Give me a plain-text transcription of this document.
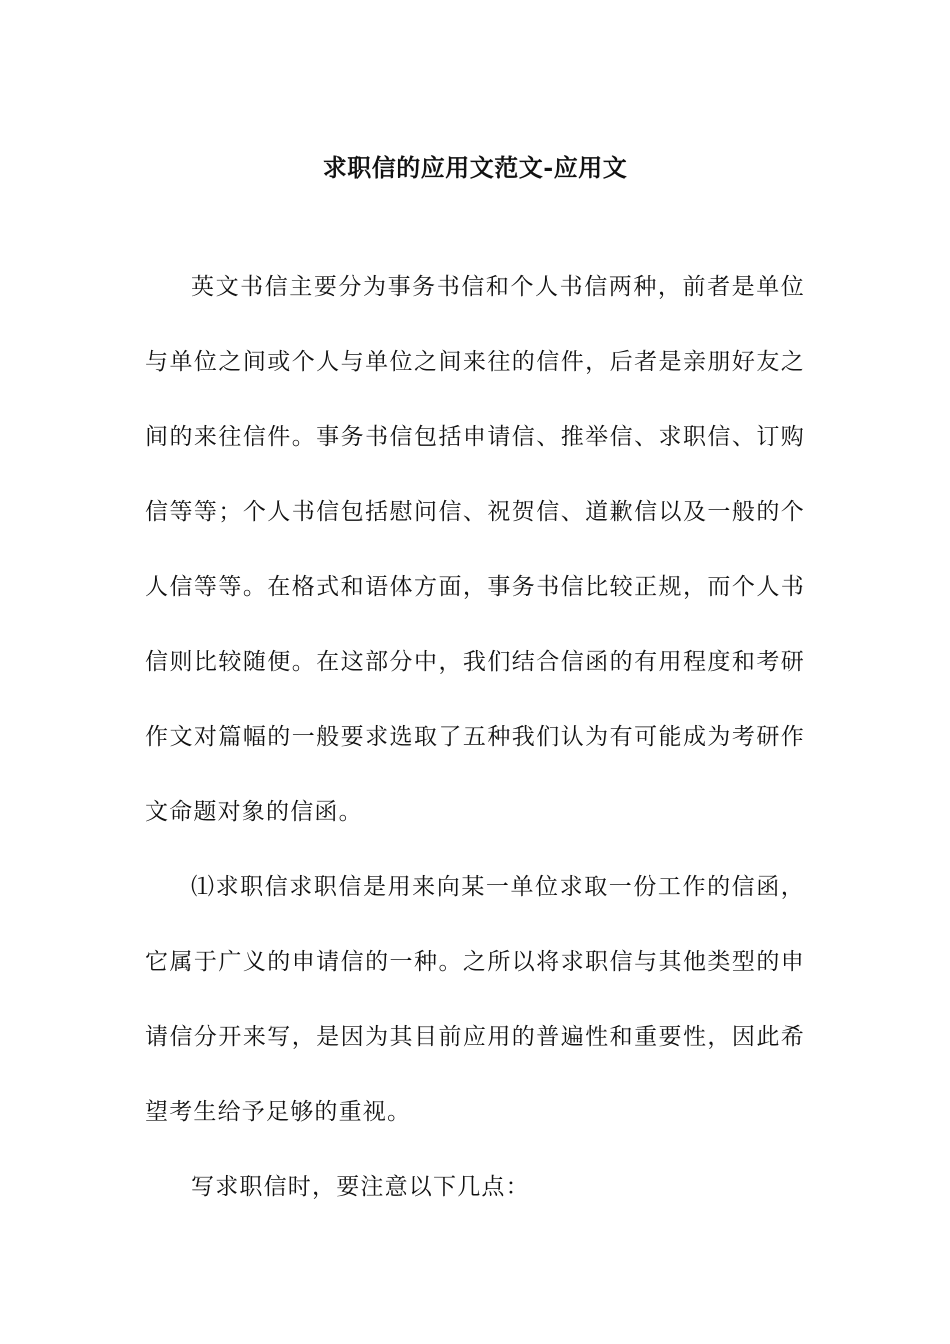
求职信的应用文范文-应用文

英文书信主要分为事务书信和个人书信两种，前者是单位与单位之间或个人与单位之间来往的信件，后者是亲朋好友之间的来往信件。事务书信包括申请信、推举信、求职信、订购信等等；个人书信包括慰问信、祝贺信、道歉信以及一般的个人信等等。在格式和语体方面，事务书信比较正规，而个人书信则比较随便。在这部分中，我们结合信函的有用程度和考研作文对篇幅的一般要求选取了五种我们认为有可能成为考研作文命题对象的信函。

⑴求职信求职信是用来向某一单位求取一份工作的信函，它属于广义的申请信的一种。之所以将求职信与其他类型的申请信分开来写，是因为其目前应用的普遍性和重要性，因此希望考生给予足够的重视。

写求职信时，要注意以下几点：
